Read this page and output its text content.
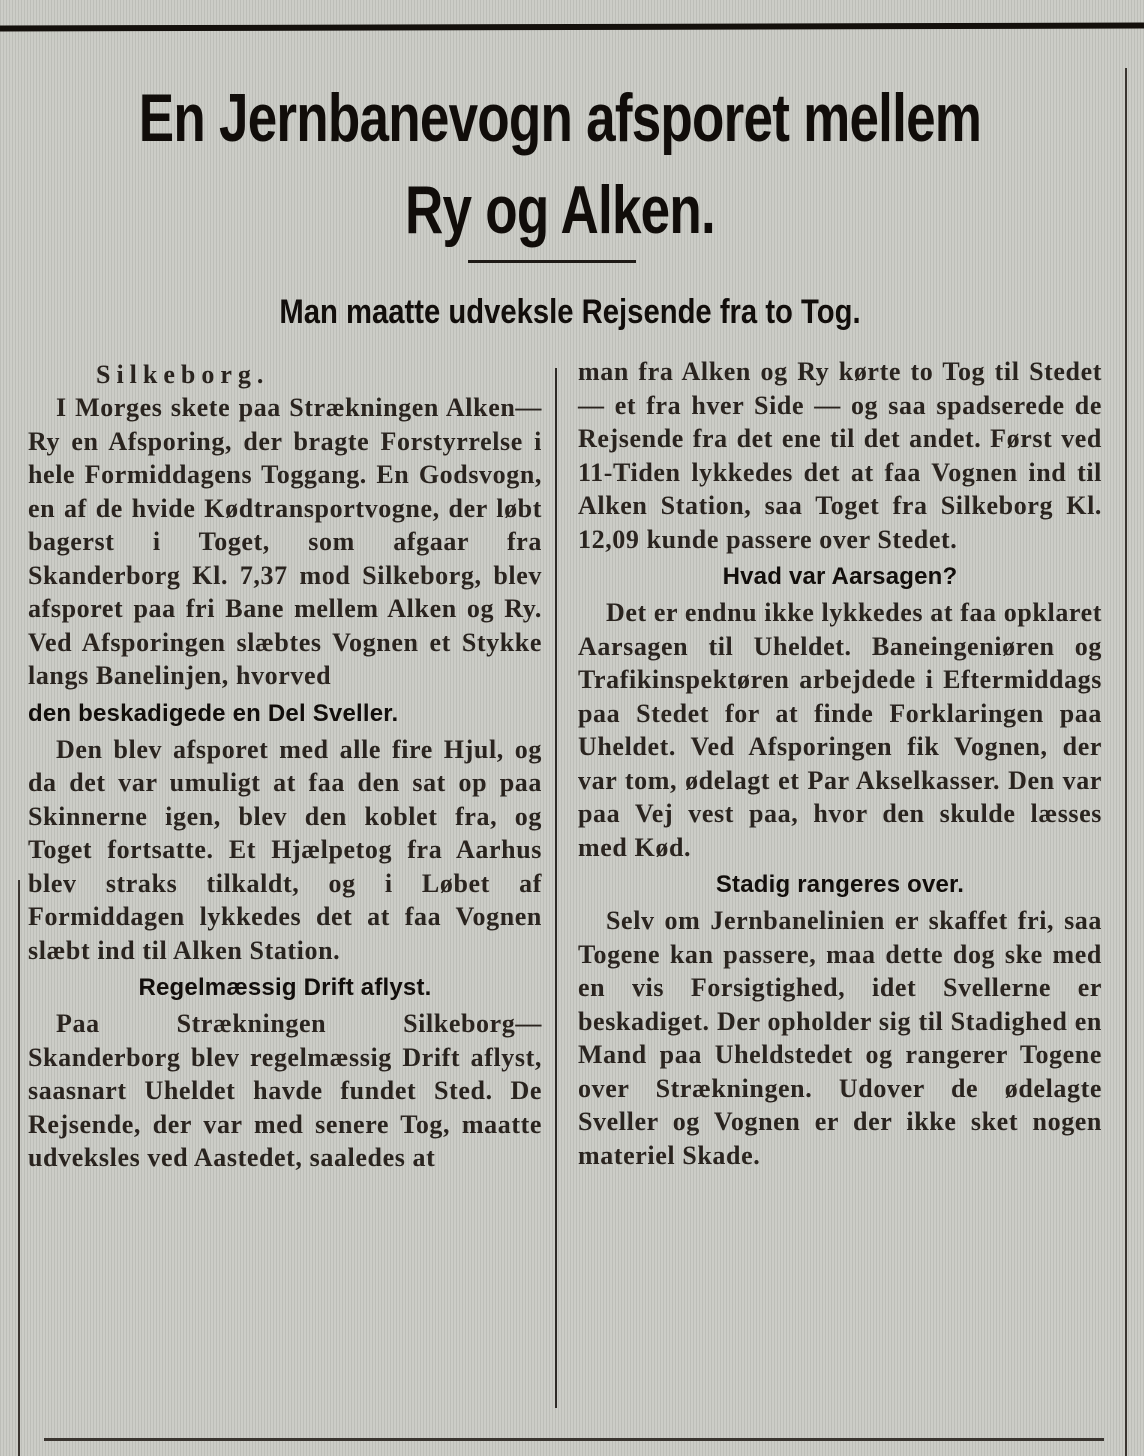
En Jernbanevogn afsporet mellem
Ry og Alken.
Man maatte udveksle Rejsende fra to Tog.

Silkeborg.

I Morges skete paa Strækningen Alken—Ry en Afsporing, der bragte Forstyrrelse i hele Formiddagens Toggang. En Godsvogn, en af de hvide Kødtransportvogne, der løbt bagerst i Toget, som afgaar fra Skanderborg Kl. 7,37 mod Silkeborg, blev afsporet paa fri Bane mellem Alken og Ry. Ved Afsporingen slæbtes Vognen et Stykke langs Banelinjen, hvorved

den beskadigede en Del Sveller.

Den blev afsporet med alle fire Hjul, og da det var umuligt at faa den sat op paa Skinnerne igen, blev den koblet fra, og Toget fortsatte. Et Hjælpetog fra Aarhus blev straks tilkaldt, og i Løbet af Formiddagen lykkedes det at faa Vognen slæbt ind til Alken Station.

Regelmæssig Drift aflyst.

Paa Strækningen Silkeborg—Skanderborg blev regelmæssig Drift aflyst, saasnart Uheldet havde fundet Sted. De Rejsende, der var med senere Tog, maatte udveksles ved Aastedet, saaledes at

man fra Alken og Ry kørte to Tog til Stedet — et fra hver Side — og saa spadserede de Rejsende fra det ene til det andet. Først ved 11-Tiden lykkedes det at faa Vognen ind til Alken Station, saa Toget fra Silkeborg Kl. 12,09 kunde passere over Stedet.

Hvad var Aarsagen?

Det er endnu ikke lykkedes at faa opklaret Aarsagen til Uheldet. Baneingeniøren og Trafikinspektøren arbejdede i Eftermiddags paa Stedet for at finde Forklaringen paa Uheldet. Ved Afsporingen fik Vognen, der var tom, ødelagt et Par Akselkasser. Den var paa Vej vest paa, hvor den skulde læsses med Kød.

Stadig rangeres over.

Selv om Jernbanelinien er skaffet fri, saa Togene kan passere, maa dette dog ske med en vis Forsigtighed, idet Svellerne er beskadiget. Der opholder sig til Stadighed en Mand paa Uheldstedet og rangerer Togene over Strækningen. Udover de ødelagte Sveller og Vognen er der ikke sket nogen materiel Skade.
